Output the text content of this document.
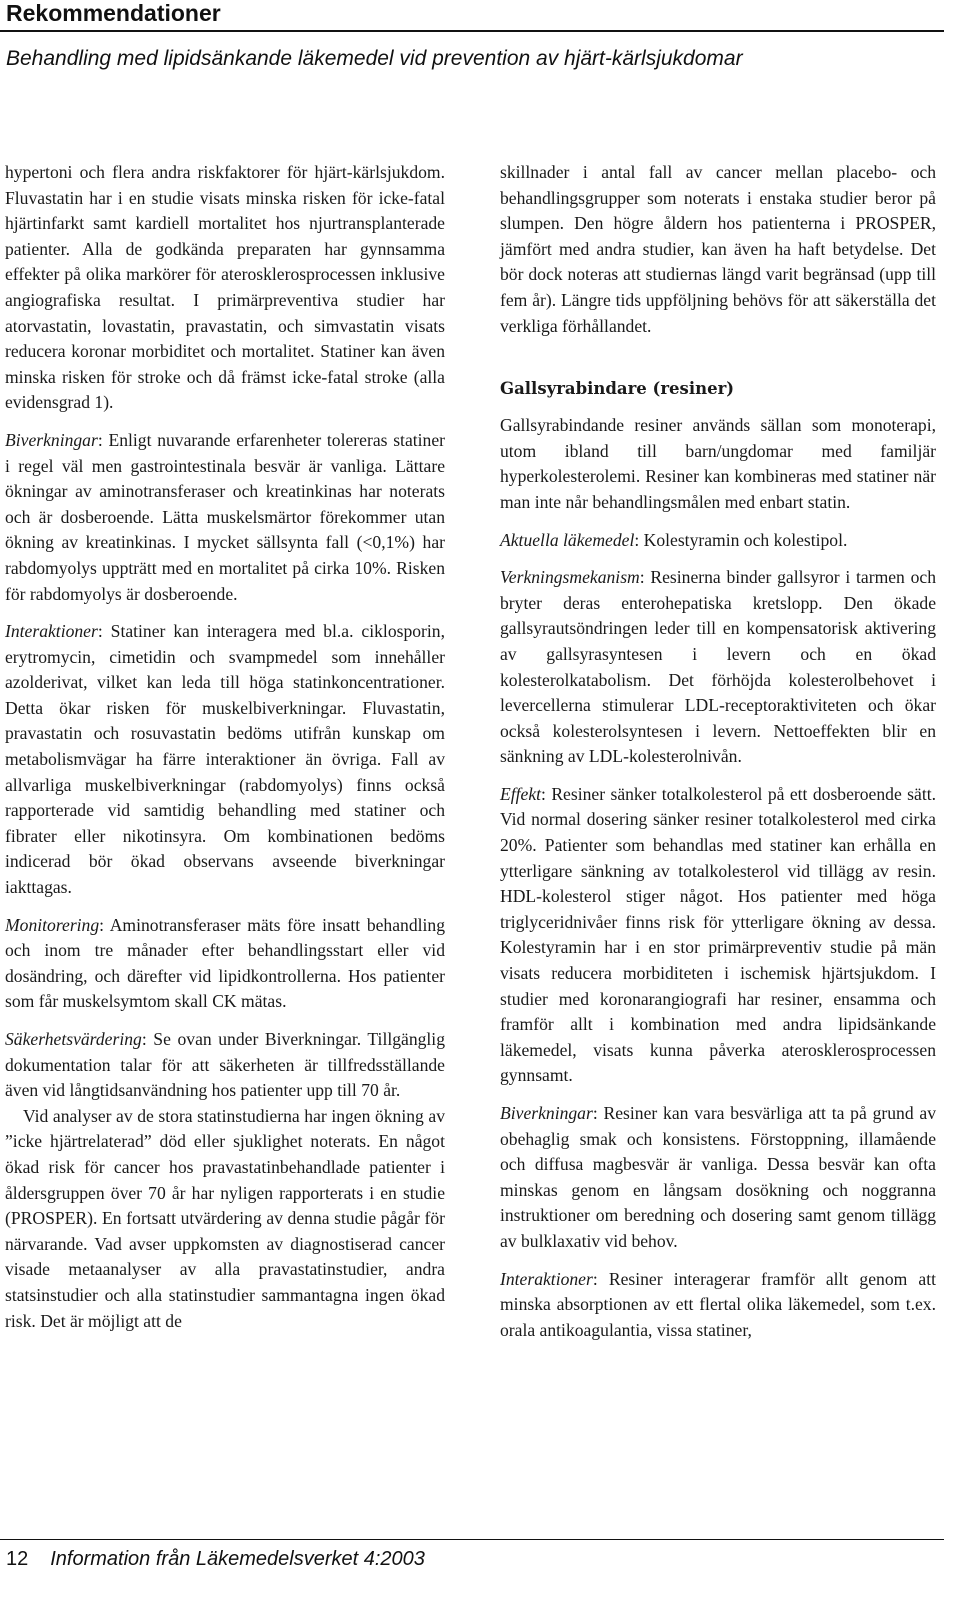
Rekommendationer
Behandling med lipidsänkande läkemedel vid prevention av hjärt-kärlsjukdomar

hypertoni och flera andra riskfaktorer för hjärt-kärlsjukdom. Fluvastatin har i en studie visats minska risken för icke-fatal hjärtinfarkt samt kardiell mortalitet hos njurtransplanterade patienter. Alla de godkända preparaten har gynnsamma effekter på olika markörer för aterosklerosprocessen inklusive angiografiska resultat. I primärpreventiva studier har atorvastatin, lovastatin, pravastatin, och simvastatin visats reducera koronar morbiditet och mortalitet. Statiner kan även minska risken för stroke och då främst icke-fatal stroke (alla evidensgrad 1).

Biverkningar: Enligt nuvarande erfarenheter tolereras statiner i regel väl men gastrointestinala besvär är vanliga. Lättare ökningar av aminotransferaser och kreatinkinas har noterats och är dosberoende. Lätta muskelsmärtor förekommer utan ökning av kreatinkinas. I mycket sällsynta fall (<0,1%) har rabdomyolys uppträtt med en mortalitet på cirka 10%. Risken för rabdomyolys är dosberoende.

Interaktioner: Statiner kan interagera med bl.a. ciklosporin, erytromycin, cimetidin och svampmedel som innehåller azolderivat, vilket kan leda till höga statinkoncentrationer. Detta ökar risken för muskelbiverkningar. Fluvastatin, pravastatin och rosuvastatin bedöms utifrån kunskap om metabolismvägar ha färre interaktioner än övriga. Fall av allvarliga muskelbiverkningar (rabdomyolys) finns också rapporterade vid samtidig behandling med statiner och fibrater eller nikotinsyra. Om kombinationen bedöms indicerad bör ökad observans avseende biverkningar iakttagas.

Monitorering: Aminotransferaser mäts före insatt behandling och inom tre månader efter behandlingsstart eller vid dosändring, och därefter vid lipidkontrollerna. Hos patienter som får muskelsymtom skall CK mätas.

Säkerhetsvärdering: Se ovan under Biverkningar. Tillgänglig dokumentation talar för att säkerheten är tillfredsställande även vid långtidsanvändning hos patienter upp till 70 år.

Vid analyser av de stora statinstudierna har ingen ökning av ”icke hjärtrelaterad” död eller sjuklighet noterats. En något ökad risk för cancer hos pravastatinbehandlade patienter i åldersgruppen över 70 år har nyligen rapporterats i en studie (PROSPER). En fortsatt utvärdering av denna studie pågår för närvarande. Vad avser uppkomsten av diagnostiserad cancer visade metaanalyser av alla pravastatinstudier, andra statsinstudier och alla statinstudier sammantagna ingen ökad risk. Det är möjligt att de

skillnader i antal fall av cancer mellan placebo- och behandlingsgrupper som noterats i enstaka studier beror på slumpen. Den högre åldern hos patienterna i PROSPER, jämfört med andra studier, kan även ha haft betydelse. Det bör dock noteras att studiernas längd varit begränsad (upp till fem år). Längre tids uppföljning behövs för att säkerställa det verkliga förhållandet.

Gallsyrabindare (resiner)

Gallsyrabindande resiner används sällan som monoterapi, utom ibland till barn/ungdomar med familjär hyperkolesterolemi. Resiner kan kombineras med statiner när man inte når behandlingsmålen med enbart statin.

Aktuella läkemedel: Kolestyramin och kolestipol.

Verkningsmekanism: Resinerna binder gallsyror i tarmen och bryter deras enterohepatiska kretslopp. Den ökade gallsyrautsöndringen leder till en kompensatorisk aktivering av gallsyrasyntesen i levern och en ökad kolesterolkatabolism. Det förhöjda kolesterolbehovet i levercellerna stimulerar LDL-receptoraktiviteten och ökar också kolesterolsyntesen i levern. Nettoeffekten blir en sänkning av LDL-kolesterolnivån.

Effekt: Resiner sänker totalkolesterol på ett dosberoende sätt. Vid normal dosering sänker resiner totalkolesterol med cirka 20%. Patienter som behandlas med statiner kan erhålla en ytterligare sänkning av totalkolesterol vid tillägg av resin. HDL-kolesterol stiger något. Hos patienter med höga triglyceridnivåer finns risk för ytterligare ökning av dessa. Kolestyramin har i en stor primärpreventiv studie på män visats reducera morbiditeten i ischemisk hjärtsjukdom. I studier med koronarangiografi har resiner, ensamma och framför allt i kombination med andra lipidsänkande läkemedel, visats kunna påverka aterosklerosprocessen gynnsamt.

Biverkningar: Resiner kan vara besvärliga att ta på grund av obehaglig smak och konsistens. Förstoppning, illamående och diffusa magbesvär är vanliga. Dessa besvär kan ofta minskas genom en långsam dosökning och noggranna instruktioner om beredning och dosering samt genom tillägg av bulklaxativ vid behov.

Interaktioner: Resiner interagerar framför allt genom att minska absorptionen av ett flertal olika läkemedel, som t.ex. orala antikoagulantia, vissa statiner,

12 Information från Läkemedelsverket 4:2003
